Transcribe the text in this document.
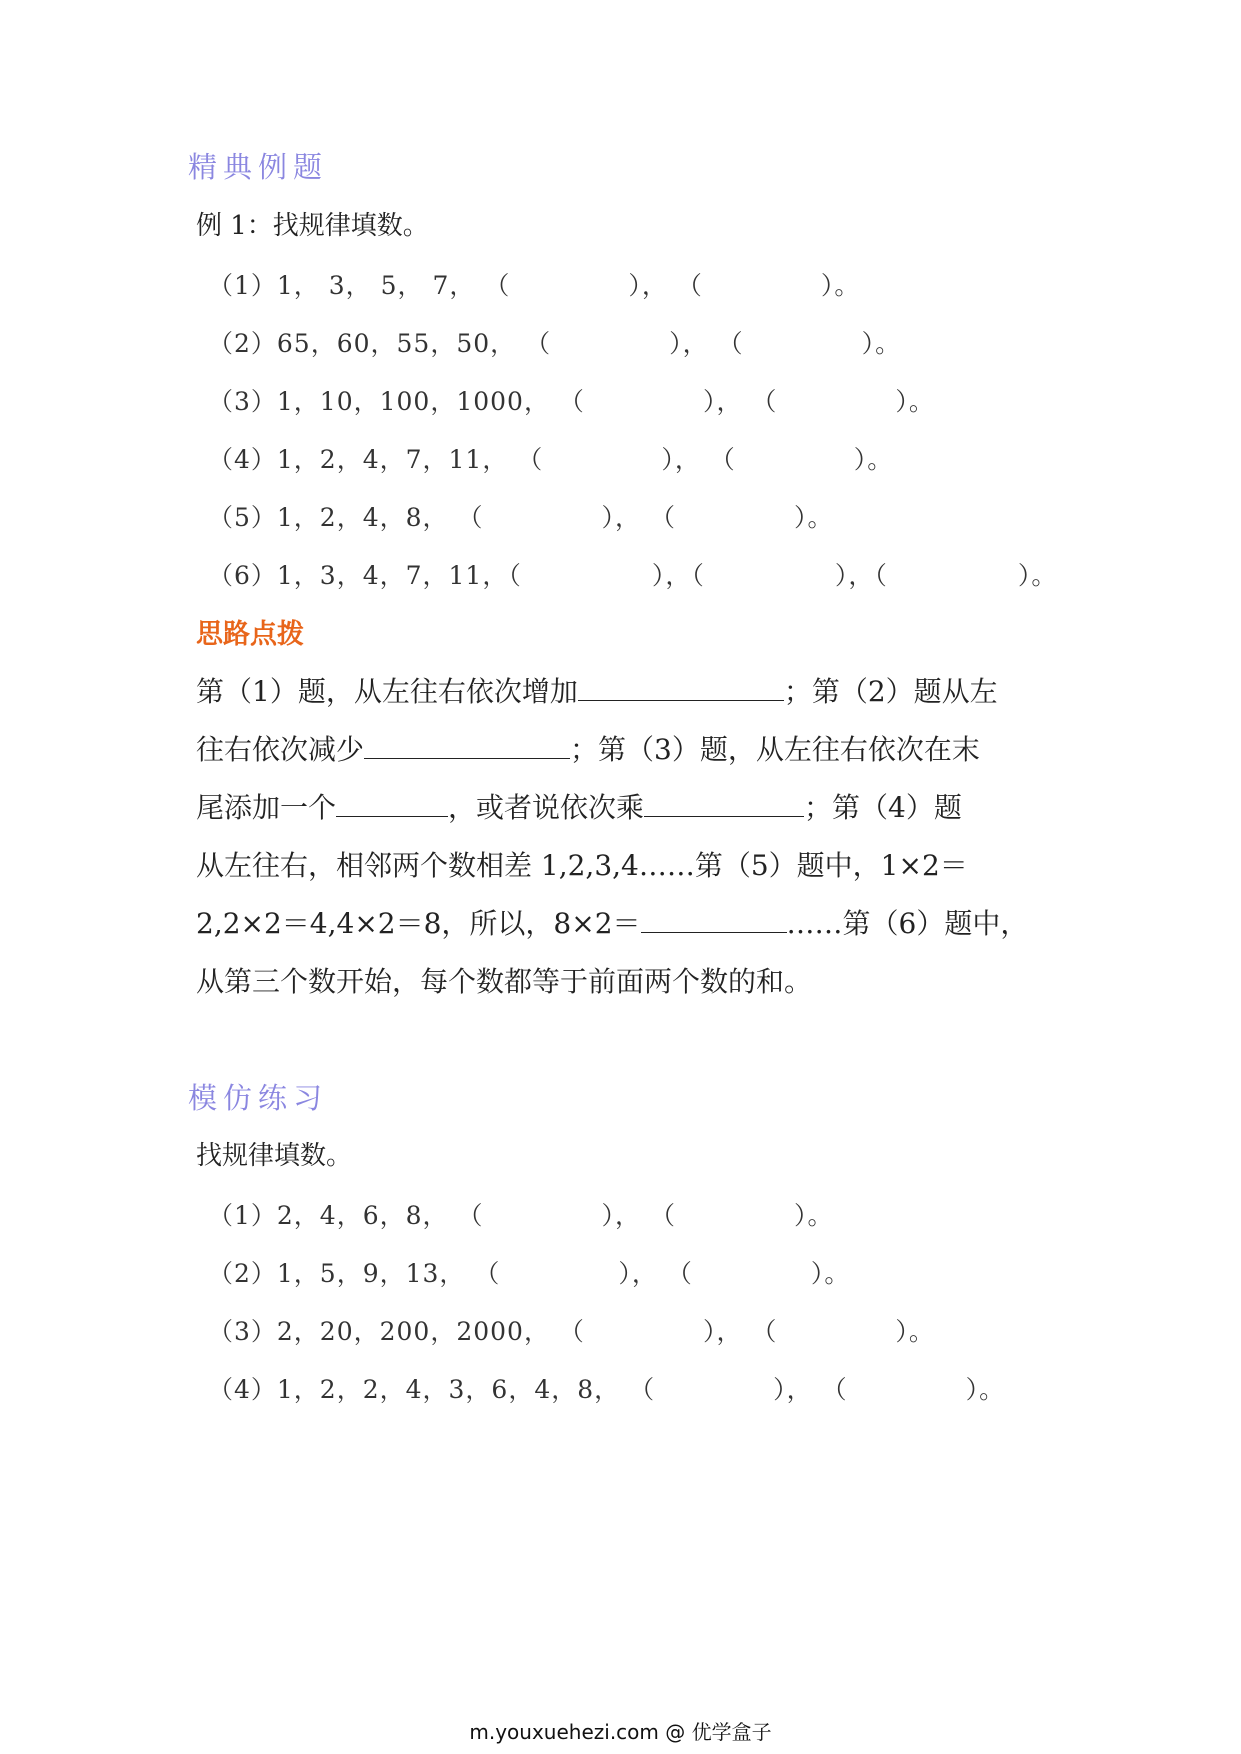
精典例题
例 1：找规律填数。
（1）1， 3， 5， 7， （	）， （	）。
（2）65，60，55，50， （	）， （	）。
（3）1，10，100，1000， （	）， （	）。
（4）1，2，4，7，11， （	）， （	）。
（5）1，2，4，8， （	）， （	）。
（6）1，3，4，7，11，（	），（	），（	）。
思路点拨
第（1）题，从左往右依次增加	；第（2）题从左
往右依次减少	；第（3）题，从左往右依次在末
尾添加一个	，或者说依次乘	；第（4）题
从左往右，相邻两个数相差 1,2,3,4……第（5）题中，1×2＝
2,2×2＝4,4×2＝8，所以，8×2＝	……第（6）题中，
从第三个数开始，每个数都等于前面两个数的和。
模仿练习
找规律填数。
（1）2，4，6，8， （	）， （	）。
（2）1，5，9，13， （	）， （	）。
（3）2，20，200，2000， （	）， （	）。
（4）1，2，2，4，3，6，4，8， （	）， （	）。
m.youxuehezi.com @ 优学盒子
